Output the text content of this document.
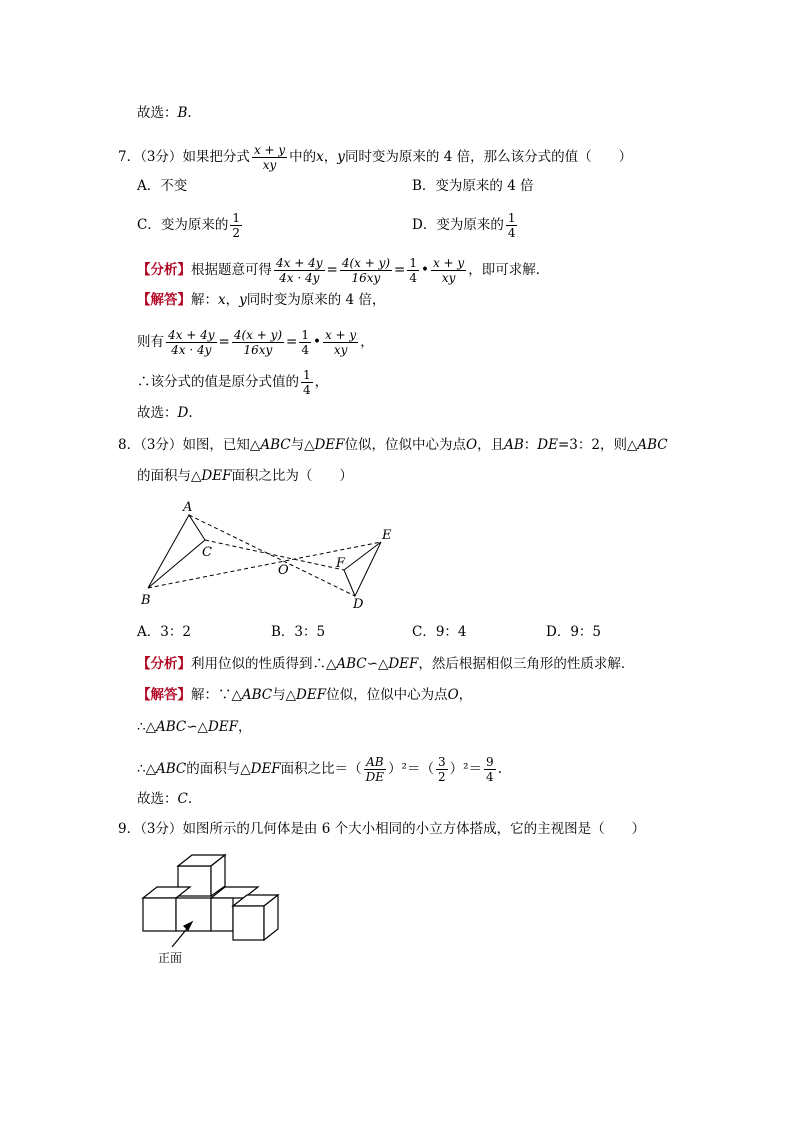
故选：B.
7．（3分）如果把分式 $\frac{x + y}{xy}$ 中的x，y同时变为原来的 4 倍，那么该分式的值（　　）
A．不变	B．变为原来的 4 倍
C．变为原来的 $\frac{1}{2}$	D．变为原来的 $\frac{1}{4}$
【分析】根据题意可得 $\frac{4x + 4y}{4x \cdot 4y} = \frac{4(x + y)}{16xy} = \frac{1}{4}$ • $\frac{x + y}{xy}$ ，即可求解．
【解答】解：x，y同时变为原来的 4 倍，
则有 $\frac{4x + 4y}{4x \cdot 4y} = \frac{4(x + y)}{16xy} = \frac{1}{4}$ • $\frac{x + y}{xy}$ ，
∴该分式的值是原分式值的 $\frac{1}{4}$ ，
故选：D.
8．（3分）如图，已知△ABC与△DEF位似，位似中心为点O，且AB：DE=3：2，则△ABC
的面积与△DEF面积之比为（　　）
A
B
C
D
E
F
O
A．3：2	B．3：5	C．9：4	D．9：5
【分析】利用位似的性质得到∴△ABC∽△DEF，然后根据相似三角形的性质求解．
【解答】解：∵△ABC与△DEF位似，位似中心为点O，
∴△ABC∽△DEF，
∴△ABC的面积与△DEF面积之比＝（ $\frac{AB}{DE} )^2=( \frac{3}{2} )^2= \frac{9}{4}$ .
故选：C.
9．（3分）如图所示的几何体是由 6 个大小相同的小立方体搭成，它的主视图是（　　）
正面
